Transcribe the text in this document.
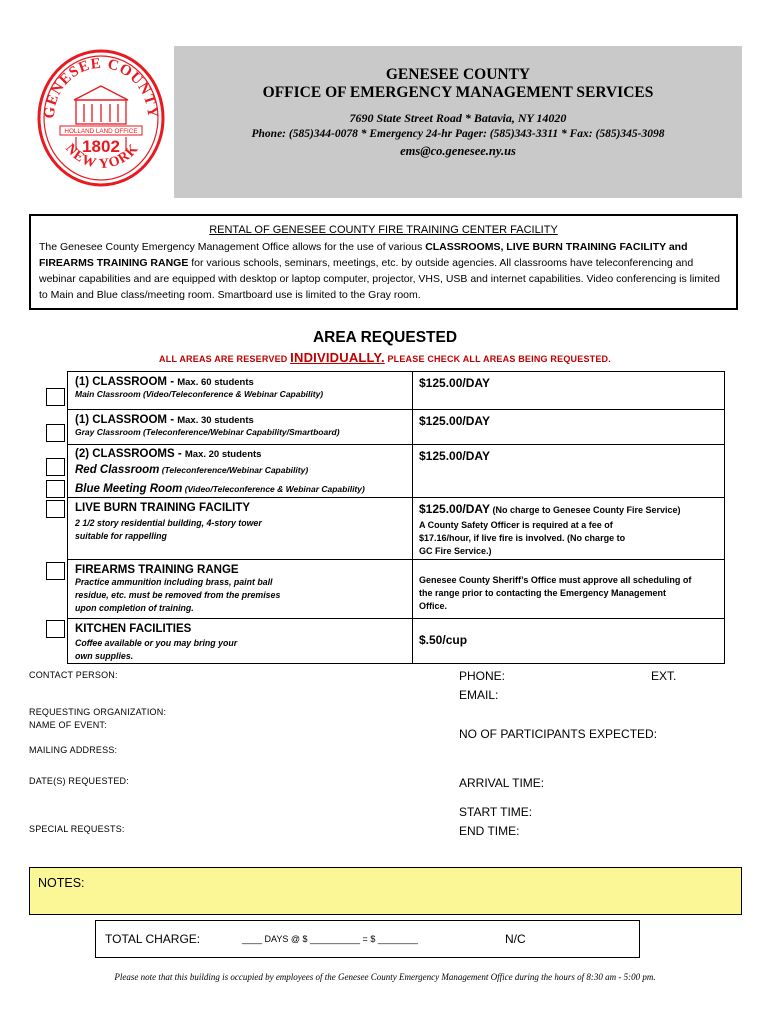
GENESEE COUNTY
HOLLAND LAND OFFICE
1802
NEW YORK
GENESEE COUNTY
OFFICE OF EMERGENCY MANAGEMENT SERVICES
7690 State Street Road * Batavia, NY 14020
Phone: (585)344-0078 * Emergency 24-hr Pager: (585)343-3311 * Fax: (585)345-3098
ems@co.genesee.ny.us
RENTAL OF GENESEE COUNTY FIRE TRAINING CENTER FACILITY
The Genesee County Emergency Management Office allows for the use of various CLASSROOMS, LIVE BURN TRAINING FACILITY and FIREARMS TRAINING RANGE for various schools, seminars, meetings, etc. by outside agencies. All classrooms have teleconferencing and webinar capabilities and are equipped with desktop or laptop computer, projector, VHS, USB and internet capabilities. Video conferencing is limited to Main and Blue class/meeting room. Smartboard use is limited to the Gray room.
AREA REQUESTED
ALL AREAS ARE RESERVED INDIVIDUALLY. PLEASE CHECK ALL AREAS BEING REQUESTED.
(1) CLASSROOM - Max. 60 students
Main Classroom (Video/Teleconference & Webinar Capability)
$125.00/DAY
(1) CLASSROOM - Max. 30 students
Gray Classroom (Teleconference/Webinar Capability/Smartboard)
$125.00/DAY
(2) CLASSROOMS - Max. 20 students
Red Classroom (Teleconference/Webinar Capability)
Blue Meeting Room (Video/Teleconference & Webinar Capability)
$125.00/DAY
LIVE BURN TRAINING FACILITY
2 1/2 story residential building, 4-story tower
suitable for rappelling
$125.00/DAY (No charge to Genesee County Fire Service)
A County Safety Officer is required at a fee of
$17.16/hour, if live fire is involved. (No charge to
GC Fire Service.)
FIREARMS TRAINING RANGE
Practice ammunition including brass, paint ball
residue, etc. must be removed from the premises
upon completion of training.
Genesee County Sheriff’s Office must approve all scheduling of
the range prior to contacting the Emergency Management
Office.
KITCHEN FACILITIES
Coffee available or you may bring your
own supplies.
$.50/cup
CONTACT PERSON:
REQUESTING ORGANIZATION:
NAME OF EVENT:
MAILING ADDRESS:
DATE(S) REQUESTED:
SPECIAL REQUESTS:
PHONE:	EXT.
EMAIL:
NO OF PARTICIPANTS EXPECTED:
ARRIVAL TIME:
START TIME:
END TIME:
NOTES:
TOTAL CHARGE:	____ DAYS @ $ __________ = $ ________	N/C
Please note that this building is occupied by employees of the Genesee County Emergency Management Office during the hours of 8:30 am - 5:00 pm.
